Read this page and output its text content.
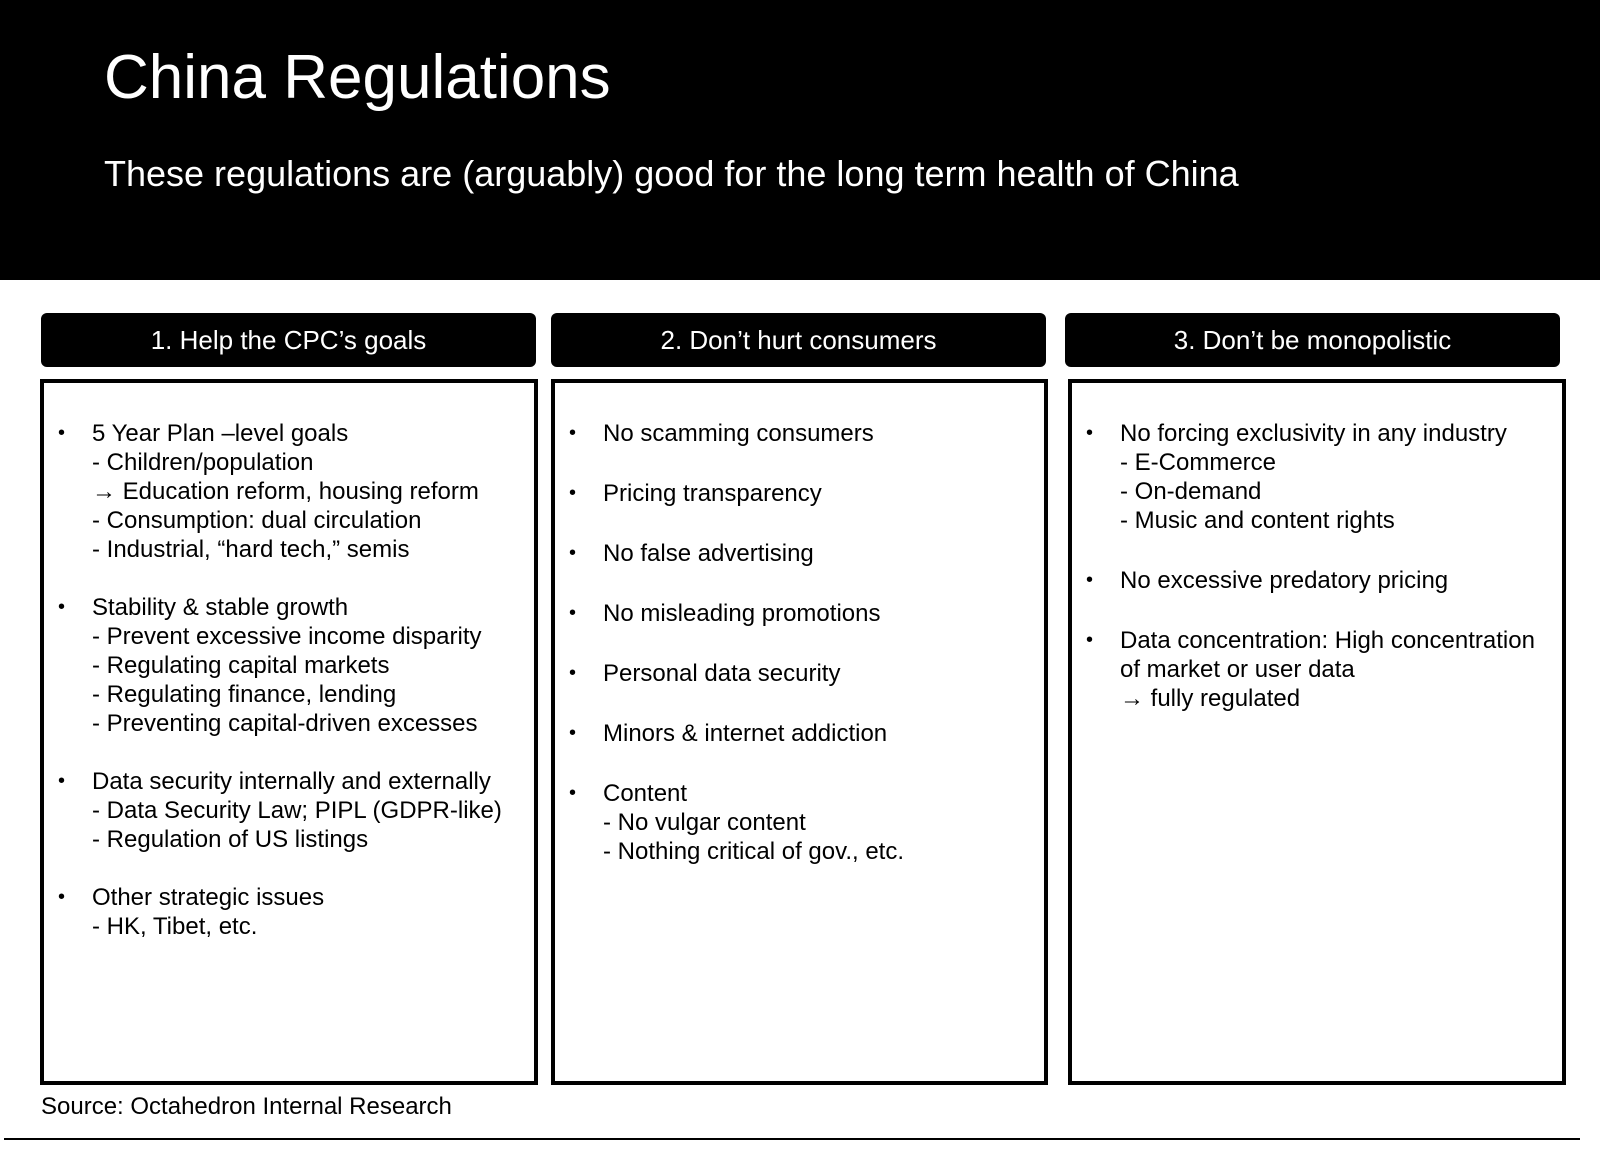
China Regulations
These regulations are (arguably) good for the long term health of China
1. Help the CPC’s goals
• 5 Year Plan –level goals
- Children/population
→ Education reform, housing reform
- Consumption: dual circulation
- Industrial, “hard tech,” semis
• Stability & stable growth
- Prevent excessive income disparity
- Regulating capital markets
- Regulating finance, lending
- Preventing capital-driven excesses
• Data security internally and externally
- Data Security Law; PIPL (GDPR-like)
- Regulation of US listings
• Other strategic issues
- HK, Tibet, etc.
2. Don’t hurt consumers
• No scamming consumers
• Pricing transparency
• No false advertising
• No misleading promotions
• Personal data security
• Minors & internet addiction
• Content
- No vulgar content
- Nothing critical of gov., etc.
3. Don’t be monopolistic
• No forcing exclusivity in any industry
- E-Commerce
- On-demand
- Music and content rights
• No excessive predatory pricing
• Data concentration: High concentration of market or user data
→ fully regulated
Source: Octahedron Internal Research
